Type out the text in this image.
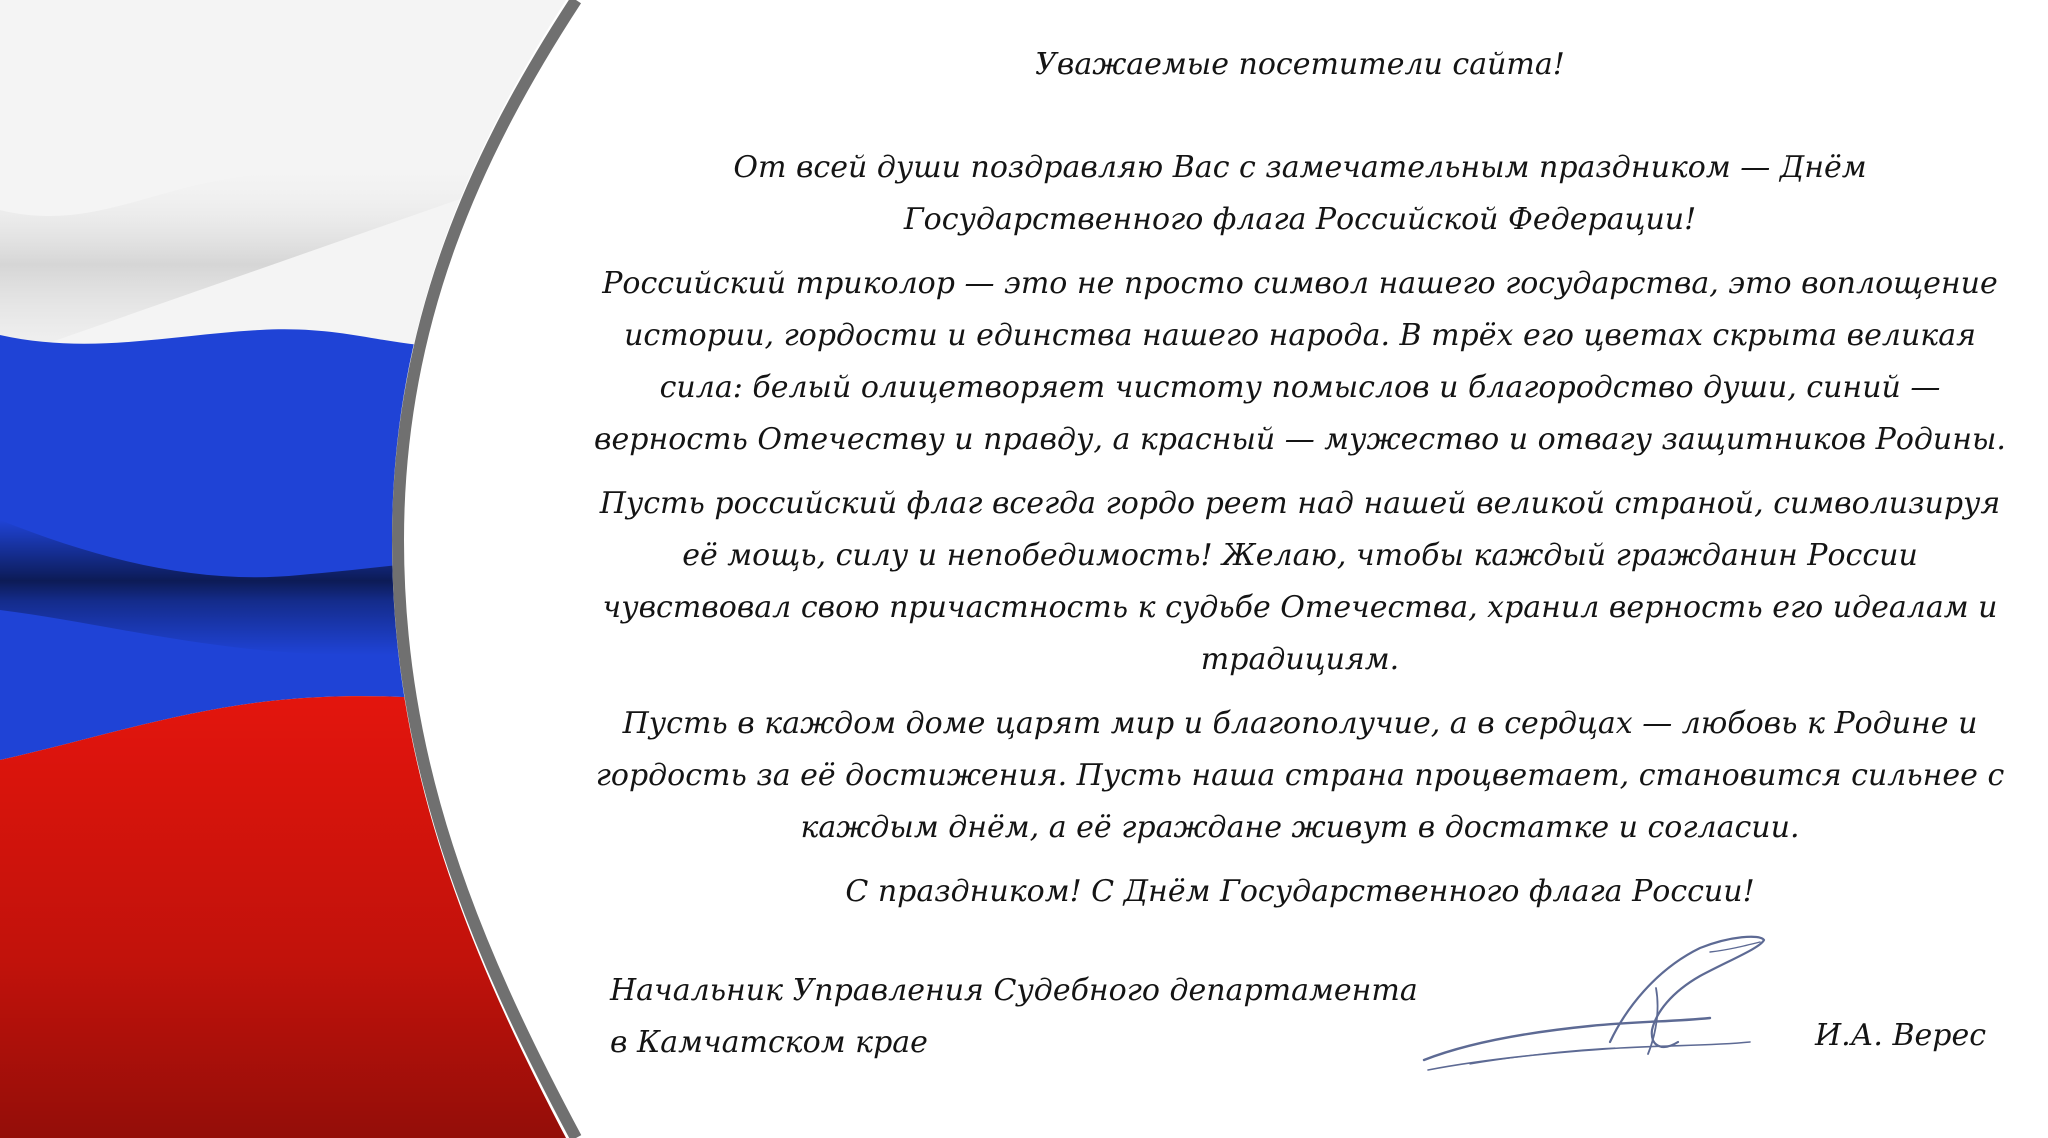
Уважаемые посетители сайта!

От всей души поздравляю Вас с замечательным праздником — Днём Государственного флага Российской Федерации!

Российский триколор — это не просто символ нашего государства, это воплощение истории, гордости и единства нашего народа. В трёх его цветах скрыта великая сила: белый олицетворяет чистоту помыслов и благородство души, синий — верность Отечеству и правду, а красный — мужество и отвагу защитников Родины.

Пусть российский флаг всегда гордо реет над нашей великой страной, символизируя её мощь, силу и непобедимость! Желаю, чтобы каждый гражданин России чувствовал свою причастность к судьбе Отечества, хранил верность его идеалам и традициям.

Пусть в каждом доме царят мир и благополучие, а в сердцах — любовь к Родине и гордость за её достижения. Пусть наша страна процветает, становится сильнее с каждым днём, а её граждане живут в достатке и согласии.

С праздником! С Днём Государственного флага России!

Начальник Управления Судебного департамента
в Камчатском крае	И.А. Верес
